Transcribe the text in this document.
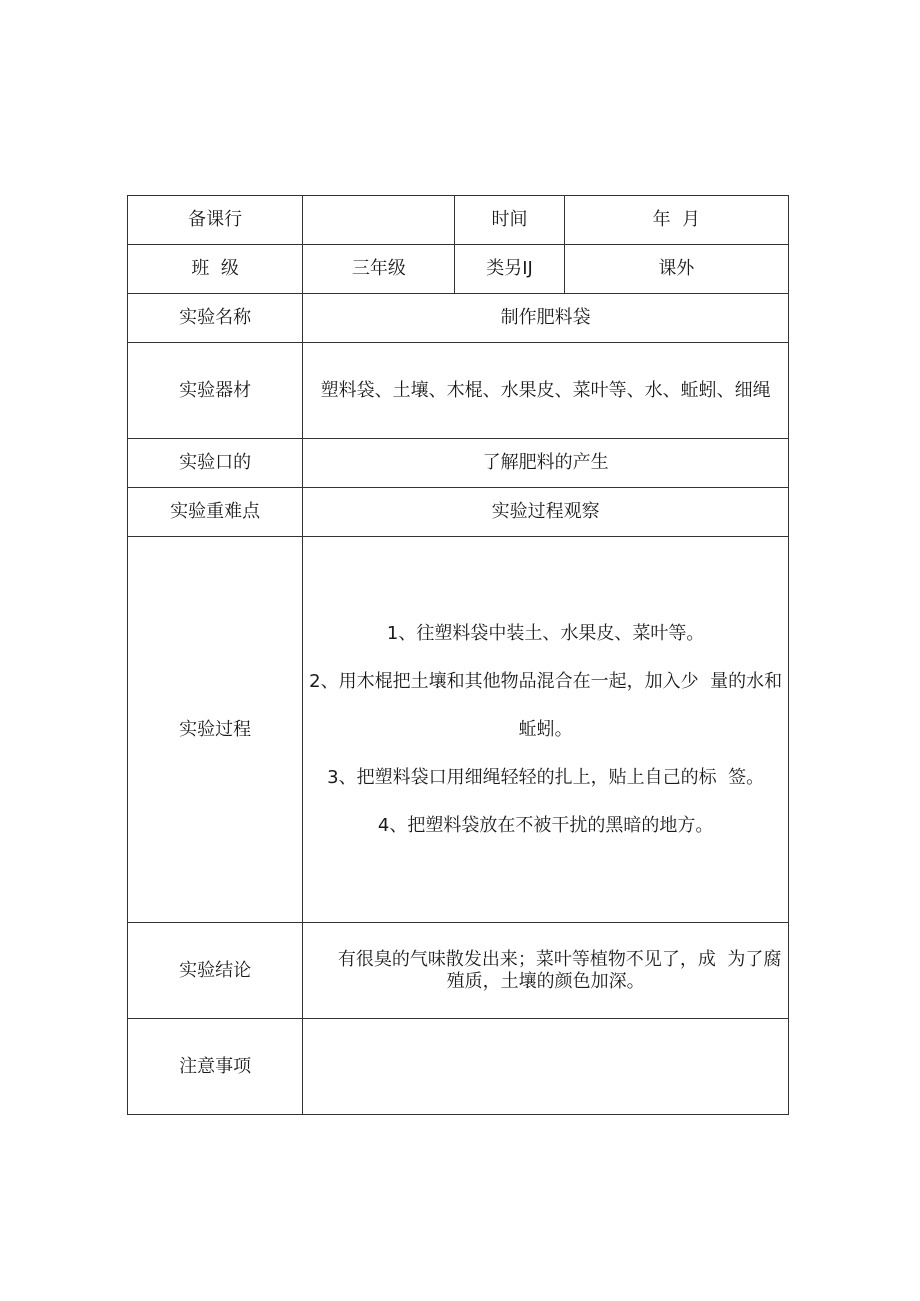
备课行		时间	年  月
班  级	三年级	类另IJ	课外
实验名称	制作肥料袋		
实验器材	塑料袋、土壤、木棍、水果皮、菜叶等、水、蚯蚓、细绳		
实验口的	了解肥料的产生		
实验重难点	实验过程观察		
实验过程	1、往塑料袋中装土、水果皮、菜叶等。
2、用木棍把土壤和其他物品混合在一起，加入少  量的水和蚯蚓。
3、把塑料袋口用细绳轻轻的扎上，贴上自己的标  签。
4、把塑料袋放在不被干扰的黑暗的地方。		

实验结论	有很臭的气味散发出来；菜叶等植物不见了，成  为了腐殖质，土壤的颜色加深。		

注意事项			
